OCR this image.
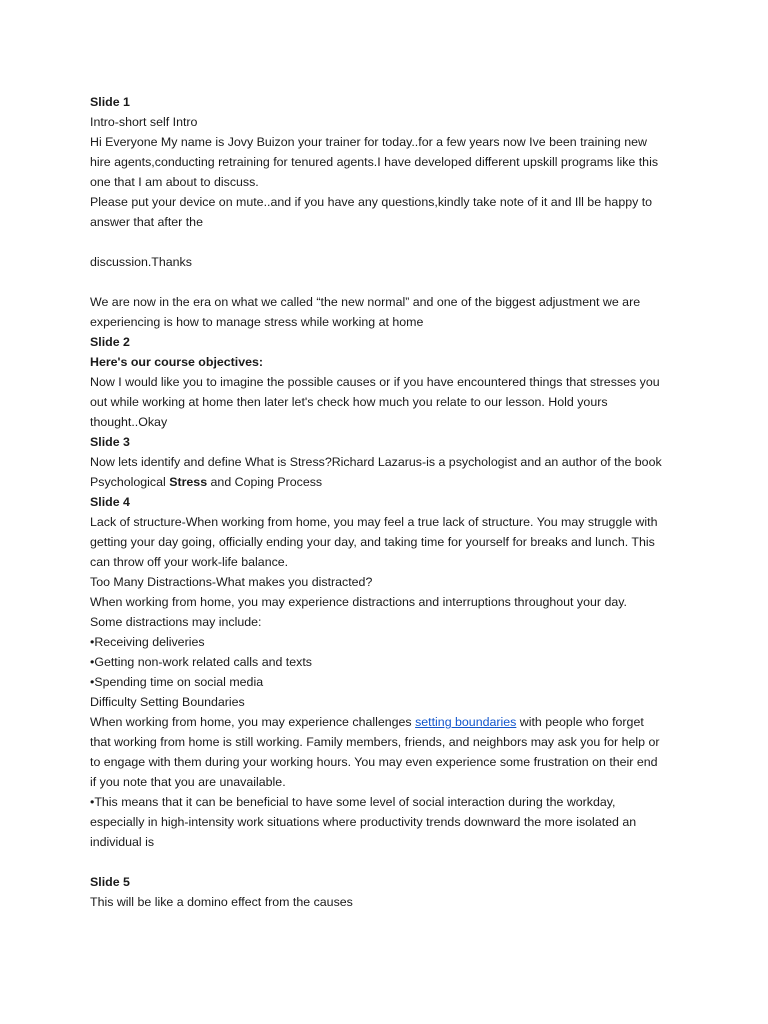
Slide 1

Intro-short self Intro

Hi Everyone My name is Jovy Buizon your trainer for today..for a few years now Ive been training new

hire agents,conducting retraining for tenured agents.I have developed different upskill programs like this

one that I am about to discuss.

Please put your device on mute..and if you have any questions,kindly take note of it and Ill be happy to

answer that after the

discussion.Thanks

We are now in the era on what we called “the new normal” and one of the biggest adjustment we are

experiencing is how to manage stress while working at home

Slide 2

Here's our course objectives:

Now I would like you to imagine the possible causes or if you have encountered things that stresses you

out while working at home then later let's check how much you relate to our lesson. Hold yours

thought..Okay

Slide 3

Now lets identify and define What is Stress?Richard Lazarus-is a psychologist and an author of the book

Psychological Stress and Coping Process

Slide 4

Lack of structure-When working from home, you may feel a true lack of structure. You may struggle with

getting your day going, officially ending your day, and taking time for yourself for breaks and lunch. This

can throw off your work-life balance.

Too Many Distractions-What makes you distracted?

When working from home, you may experience distractions and interruptions throughout your day.

Some distractions may include:

•Receiving deliveries

•Getting non-work related calls and texts

•Spending time on social media

Difficulty Setting Boundaries

When working from home, you may experience challenges setting boundaries with people who forget

that working from home is still working. Family members, friends, and neighbors may ask you for help or

to engage with them during your working hours. You may even experience some frustration on their end

if you note that you are unavailable.

•This means that it can be beneficial to have some level of social interaction during the workday,

especially in high-intensity work situations where productivity trends downward the more isolated an

individual is

Slide 5

This will be like a domino effect from the causes
